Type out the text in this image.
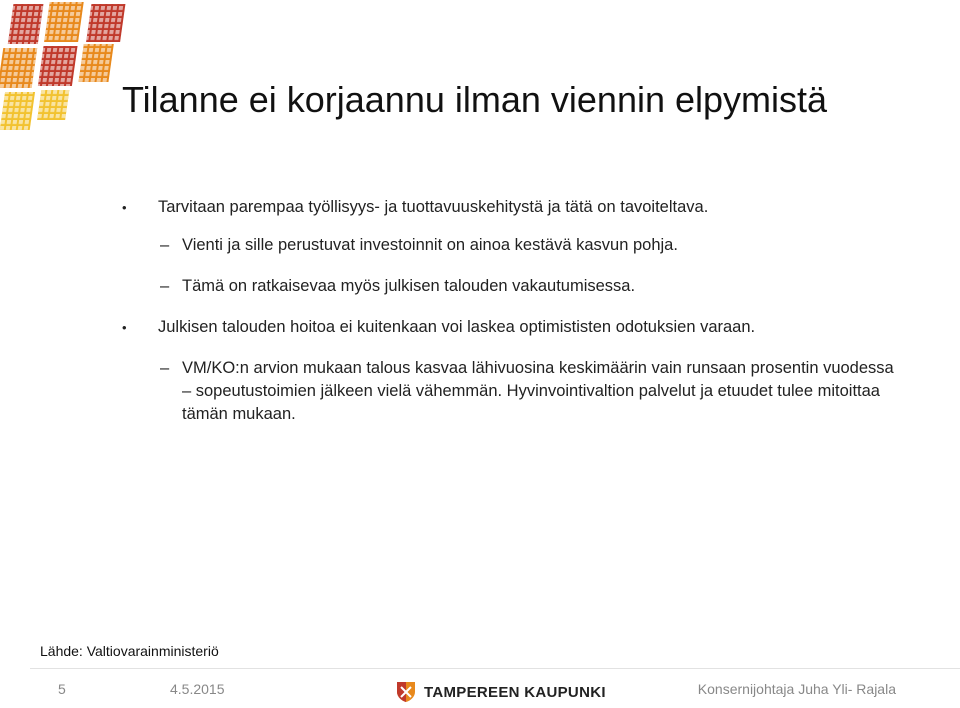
Tilanne ei korjaannu ilman viennin elpymistä
• Tarvitaan parempaa työllisyys- ja tuottavuuskehitystä ja tätä on tavoiteltava.
– Vienti ja sille perustuvat investoinnit on ainoa kestävä kasvun pohja.
– Tämä on ratkaisevaa myös julkisen talouden vakautumisessa.
• Julkisen talouden hoitoa ei kuitenkaan voi laskea optimististen odotuksien varaan.
– VM/KO:n arvion mukaan talous kasvaa lähivuosina keskimäärin vain runsaan prosentin vuodessa – sopeutustoimien jälkeen vielä vähemmän. Hyvinvointivaltion palvelut ja etuudet tulee mitoittaa tämän mukaan.
Lähde: Valtiovarainministeriö
5	4.5.2015	TAMPEREEN KAUPUNKI	Konsernijohtaja Juha Yli- Rajala
